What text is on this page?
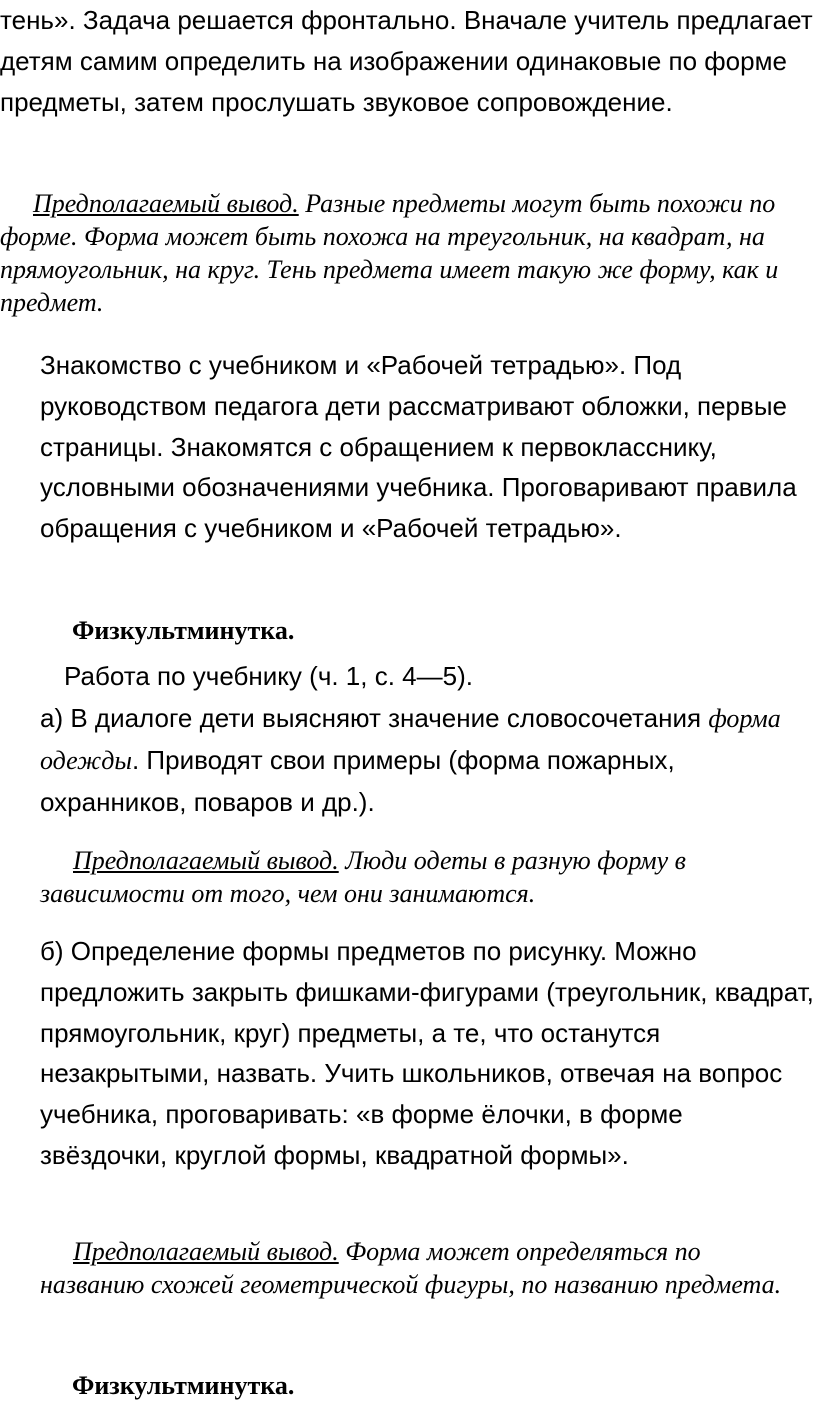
тень». Задача решается фронтально. Вначале учитель предлагает детям самим определить на изображении одинаковые по форме предметы, затем прослушать звуковое сопровождение.

Предполагаемый вывод. Разные предметы могут быть похожи по форме. Форма может быть похожа на треугольник, на квадрат, на прямоугольник, на круг. Тень предмета имеет такую же форму, как и предмет.

Знакомство с учебником и «Рабочей тетрадью». Под руководством педагога дети рассматривают обложки, первые страницы. Знакомятся с обращением к первокласснику, условными обозначениями учебника. Проговаривают правила обращения с учебником и «Рабочей тетрадью».

Физкультминутка.

Работа по учебнику (ч. 1, с. 4—5).

а) В диалоге дети выясняют значение словосочетания форма одежды. Приводят свои примеры (форма пожарных, охранников, поваров и др.).

Предполагаемый вывод. Люди одеты в разную форму в зависимости от того, чем они занимаются.

б) Определение формы предметов по рисунку. Можно предложить закрыть фишками-фигурами (треугольник, квадрат, прямоугольник, круг) предметы, а те, что останутся незакрытыми, назвать. Учить школьников, отвечая на вопрос учебника, проговаривать: «в форме ёлочки, в форме звёздочки, круглой формы, квадратной формы».

Предполагаемый вывод. Форма может определяться по названию схожей геометрической фигуры, по названию предмета.

Физкультминутка.
